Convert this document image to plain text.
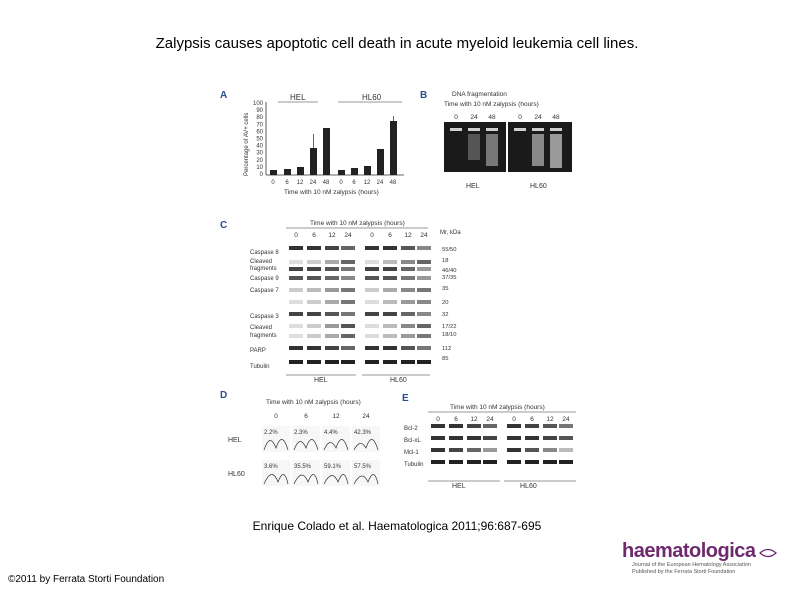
Zalypsis causes apoptotic cell death in acute myeloid leukemia cell lines.
A	HEL	HL60
Percentage of AV+ cells
100
90
80
70
60
50
40
30
20
10
0
0 6 12 24 48 0 6 12 24 48
Time with 10 nM zalypsis (hours)
B	DNA fragmentation
Time with 10 nM zalypsis (hours)
0 24 48	0 24 48
HEL	HL60
C	Time with 10 nM zalypsis (hours)
Mr, kDa
0 6 12 24	0 6 12 24
Caspase 8
Cleaved
fragments
Caspase 9
Caspase 7
Caspase 3
Cleaved
fragments
PARP
Tubulin
55/50
18
46/40
37/35
35
20
32
17/22
18/10
112
85
HEL	HL60
D
Time with 10 nM zalypsis (hours)
0	6	12	24
HEL
HL60
2.2%	2.3%	4.4%	42.3%
3.6%	35.5% 59.1% 57.5%
E
Time with 10 nM zalypsis (hours)
0 6 12 24	0 6 12 24
Bcl-2
Bcl-xL
Mcl-1
Tubulin
HEL	HL60
Enrique Colado et al. Haematologica 2011;96:687-695
©2011 by Ferrata Storti Foundation
haematologica
Journal of the European Hematology Association
Published by the Ferrata Storti Foundation
